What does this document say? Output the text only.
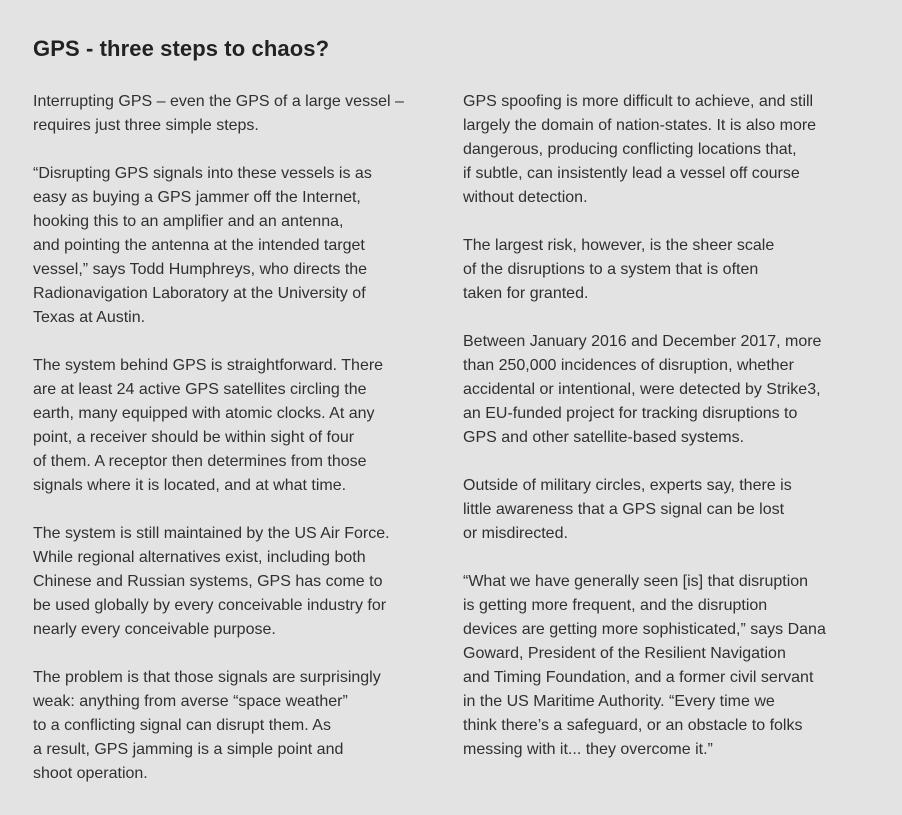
GPS - three steps to chaos?

Interrupting GPS – even the GPS of a large vessel –
requires just three simple steps.

“Disrupting GPS signals into these vessels is as
easy as buying a GPS jammer off the Internet,
hooking this to an amplifier and an antenna,
and pointing the antenna at the intended target
vessel,” says Todd Humphreys, who directs the
Radionavigation Laboratory at the University of
Texas at Austin.

The system behind GPS is straightforward. There
are at least 24 active GPS satellites circling the
earth, many equipped with atomic clocks. At any
point, a receiver should be within sight of four
of them. A receptor then determines from those
signals where it is located, and at what time.

The system is still maintained by the US Air Force.
While regional alternatives exist, including both
Chinese and Russian systems, GPS has come to
be used globally by every conceivable industry for
nearly every conceivable purpose.

The problem is that those signals are surprisingly
weak: anything from averse “space weather”
to a conflicting signal can disrupt them. As
a result, GPS jamming is a simple point and
shoot operation.

GPS spoofing is more difficult to achieve, and still
largely the domain of nation-states. It is also more
dangerous, producing conflicting locations that,
if subtle, can insistently lead a vessel off course
without detection.

The largest risk, however, is the sheer scale
of the disruptions to a system that is often
taken for granted.

Between January 2016 and December 2017, more
than 250,000 incidences of disruption, whether
accidental or intentional, were detected by Strike3,
an EU-funded project for tracking disruptions to
GPS and other satellite-based systems.

Outside of military circles, experts say, there is
little awareness that a GPS signal can be lost
or misdirected.

“What we have generally seen [is] that disruption
is getting more frequent, and the disruption
devices are getting more sophisticated,” says Dana
Goward, President of the Resilient Navigation
and Timing Foundation, and a former civil servant
in the US Maritime Authority. “Every time we
think there’s a safeguard, or an obstacle to folks
messing with it... they overcome it.”
